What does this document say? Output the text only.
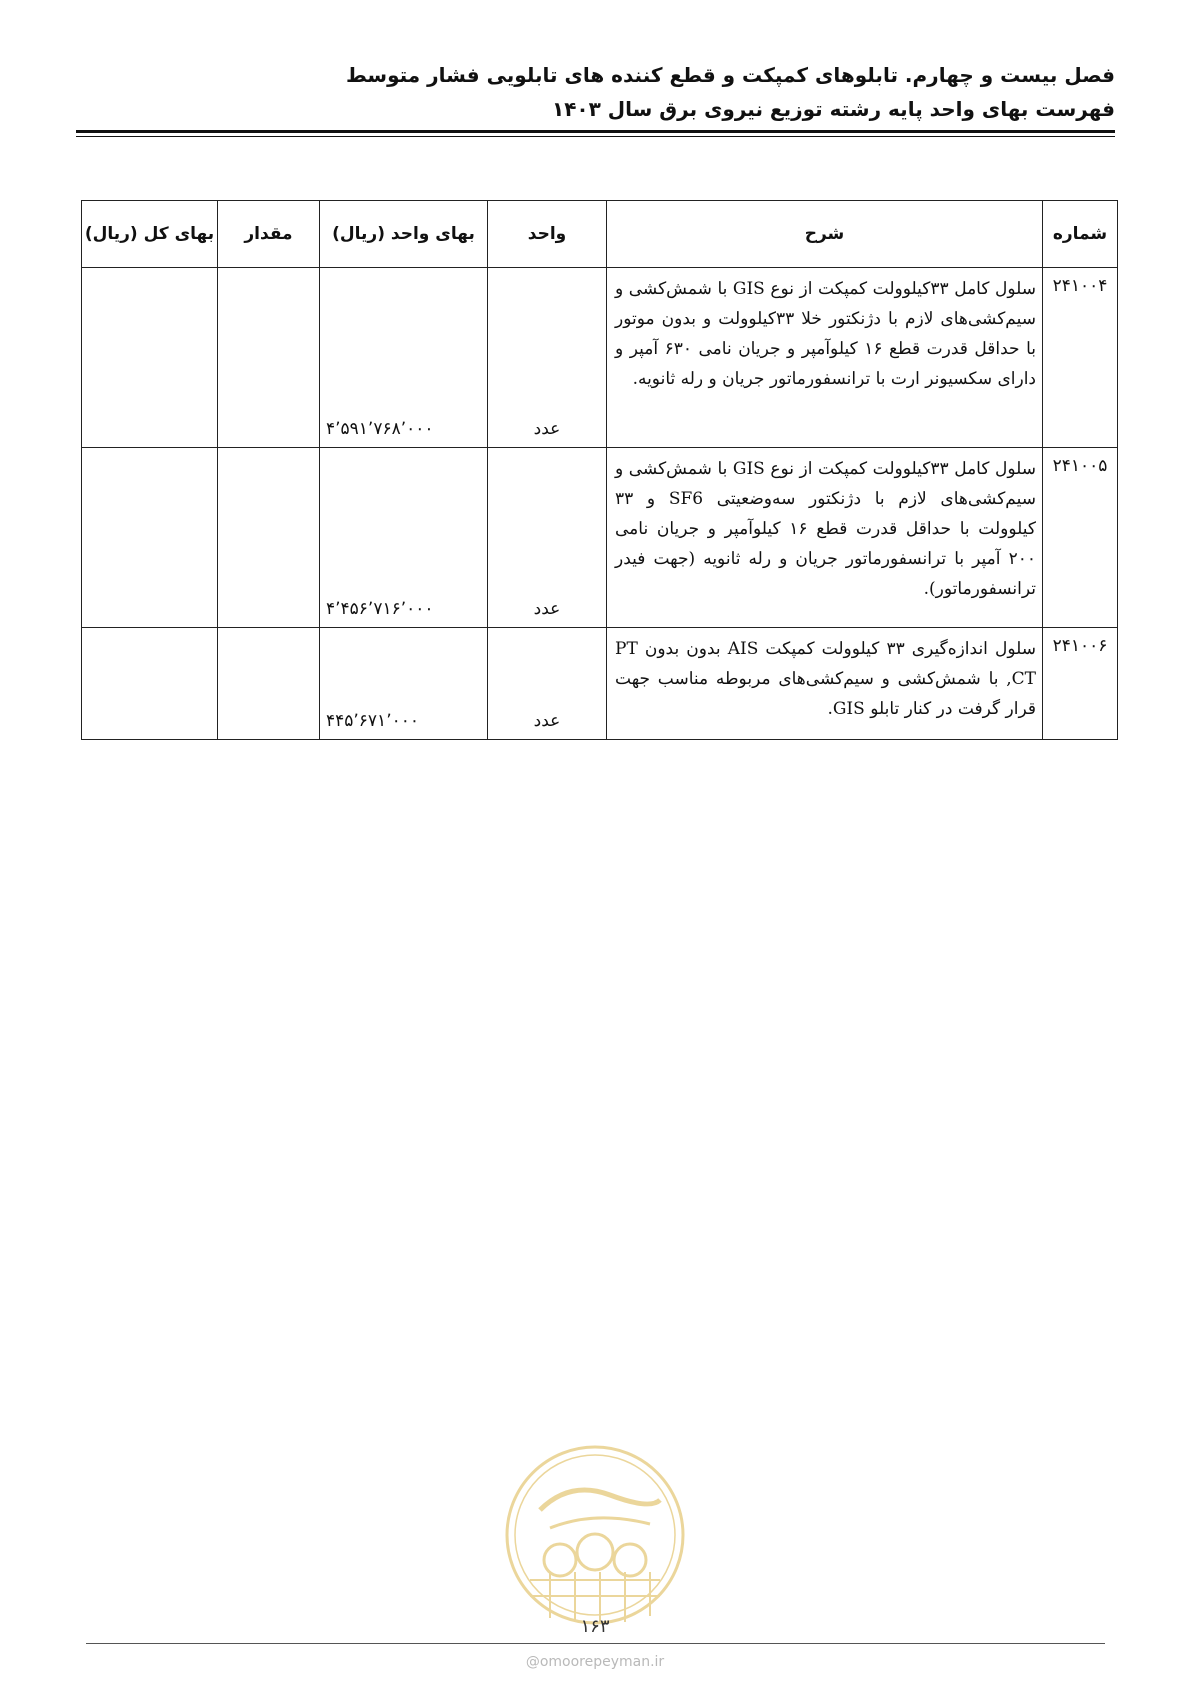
فصل بیست و چهارم. تابلوهای کمپکت و قطع کننده های تابلویی فشار متوسط
فهرست بهای واحد پایه رشته توزیع نیروی برق سال ۱۴۰۳
شماره	شرح	واحد	بهای واحد (ریال)	مقدار	بهای کل (ریال)
۲۴۱۰۰۴	سلول کامل ۳۳کیلوولت کمپکت از نوع GIS با شمش‌کشی و سیم‌کشی‌های لازم با دژنکتور خلا ۳۳کیلوولت و بدون موتور با حداقل قدرت قطع ۱۶ کیلوآمپر و جریان نامی ۶۳۰ آمپر و دارای سکسیونر ارت با ترانسفورماتور جریان و رله ثانویه.	عدد	۴٬۵۹۱٬۷۶۸٬۰۰۰		
۲۴۱۰۰۵	سلول کامل ۳۳کیلوولت کمپکت از نوع GIS با شمش‌کشی و سیم‌کشی‌های لازم با دژنکتور سه‌وضعیتی SF6 و ۳۳ کیلوولت با حداقل قدرت قطع ۱۶ کیلوآمپر و جریان نامی ۲۰۰ آمپر با ترانسفورماتور جریان و رله ثانویه (جهت فیدر ترانسفورماتور).	عدد	۴٬۴۵۶٬۷۱۶٬۰۰۰		
۲۴۱۰۰۶	سلول اندازه‌گیری ۳۳ کیلوولت کمپکت AIS بدون بدون PT ,CT با شمش‌کشی و سیم‌کشی‌های مربوطه مناسب جهت قرار گرفت در کنار تابلو GIS.	عدد	۴۴۵٬۶۷۱٬۰۰۰		
۱۶۳
@omoorepeyman.ir
